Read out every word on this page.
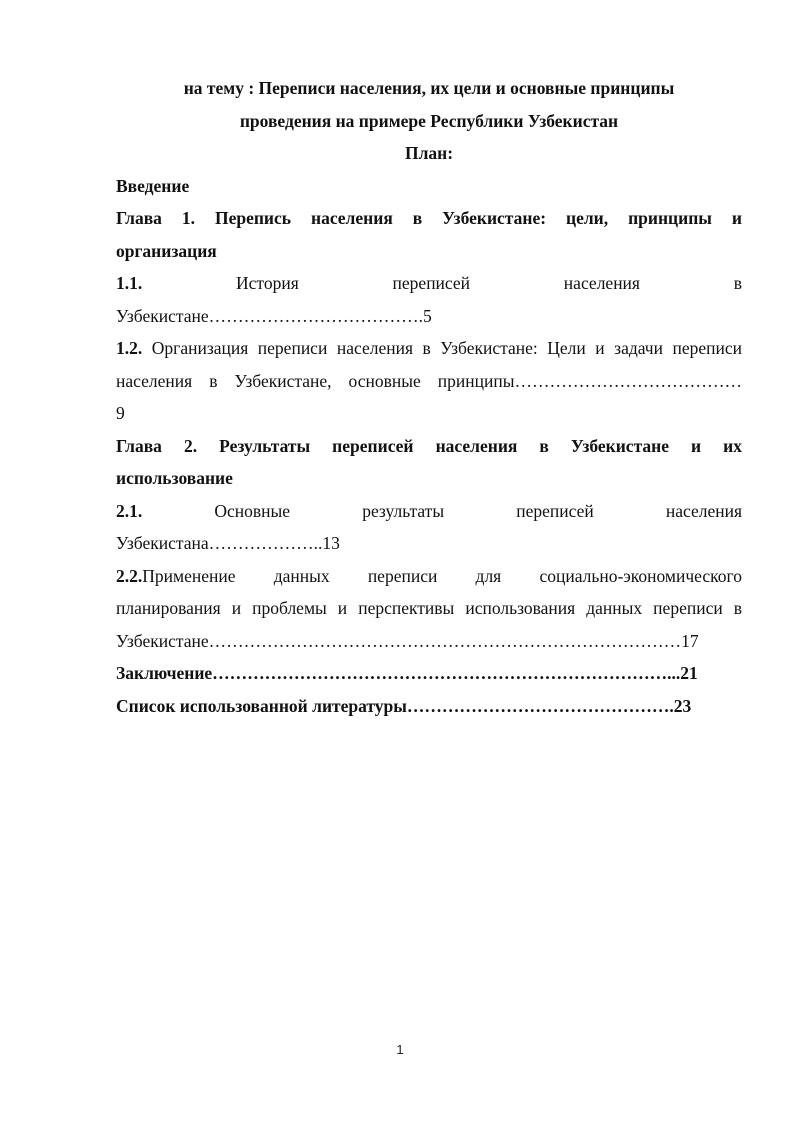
на тему : Переписи населения, их цели и основные принципы

проведения на примере Республики Узбекистан

План:

Введение

Глава 1. Перепись населения в Узбекистане: цели, принципы и

организация

1.1.	История переписей населения в

Узбекистане……………………………….5

1.2. Организация переписи населения в Узбекистане: Цели и задачи переписи

населения в Узбекистане, основные принципы…………………………………

9

Глава 2. Результаты переписей населения в Узбекистане и их

использование

2.1.	Основные результаты переписей населения

Узбекистана………………..13

2.2.Применение данных переписи для социально-экономического

планирования и проблемы и перспективы использования данных переписи в

Узбекистане………………………………………………………………………17

Заключение……………………………………………………………………...21

Список использованной литературы……………………………………….23

1
